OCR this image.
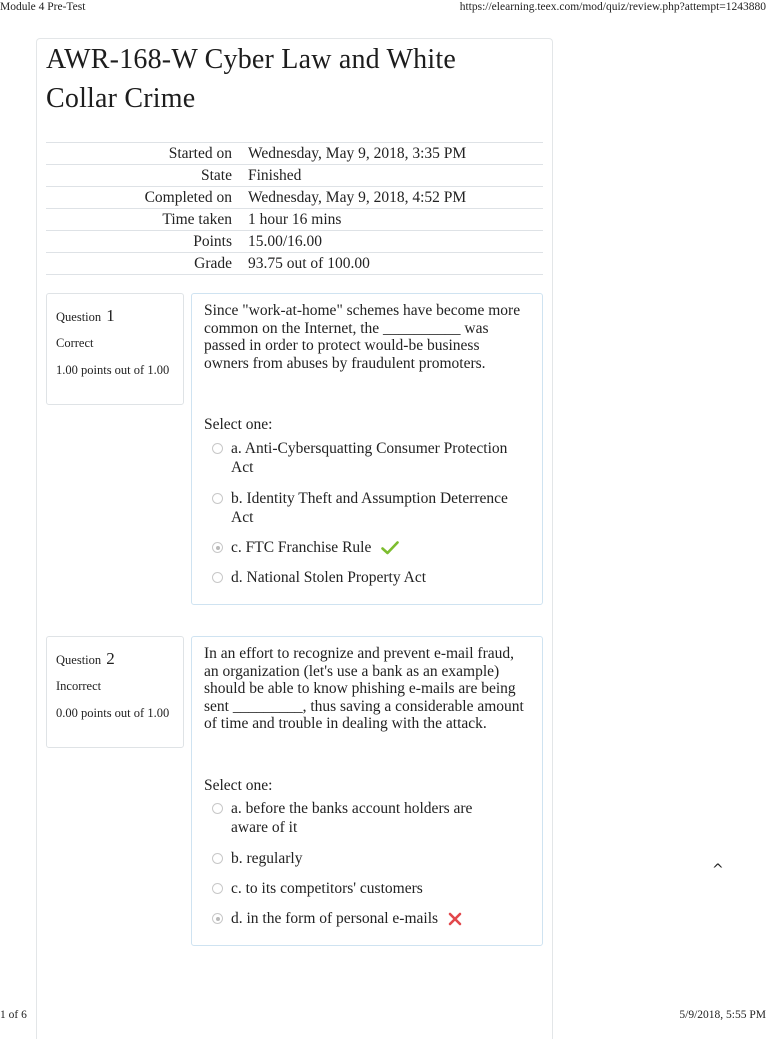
Module 4 Pre-Test	https://elearning.teex.com/mod/quiz/review.php?attempt=1243880
AWR-168-W Cyber Law and White Collar Crime
Started on	Wednesday, May 9, 2018, 3:35 PM
State	Finished
Completed on	Wednesday, May 9, 2018, 4:52 PM
Time taken	1 hour 16 mins
Points	15.00/16.00
Grade	93.75 out of 100.00
Question 1
Correct
1.00 points out of 1.00
Since "work-at-home" schemes have become more common on the Internet, the __________ was passed in order to protect would-be business owners from abuses by fraudulent promoters.
Select one:
a. Anti-Cybersquatting Consumer Protection Act
b. Identity Theft and Assumption Deterrence Act
c. FTC Franchise Rule
d. National Stolen Property Act
Question 2
Incorrect
0.00 points out of 1.00
In an effort to recognize and prevent e-mail fraud, an organization (let's use a bank as an example) should be able to know phishing e-mails are being sent _________, thus saving a considerable amount of time and trouble in dealing with the attack.
Select one:
a. before the banks account holders are aware of it
b. regularly
c. to its competitors' customers
d. in the form of personal e-mails
^
1 of 6	5/9/2018, 5:55 PM
